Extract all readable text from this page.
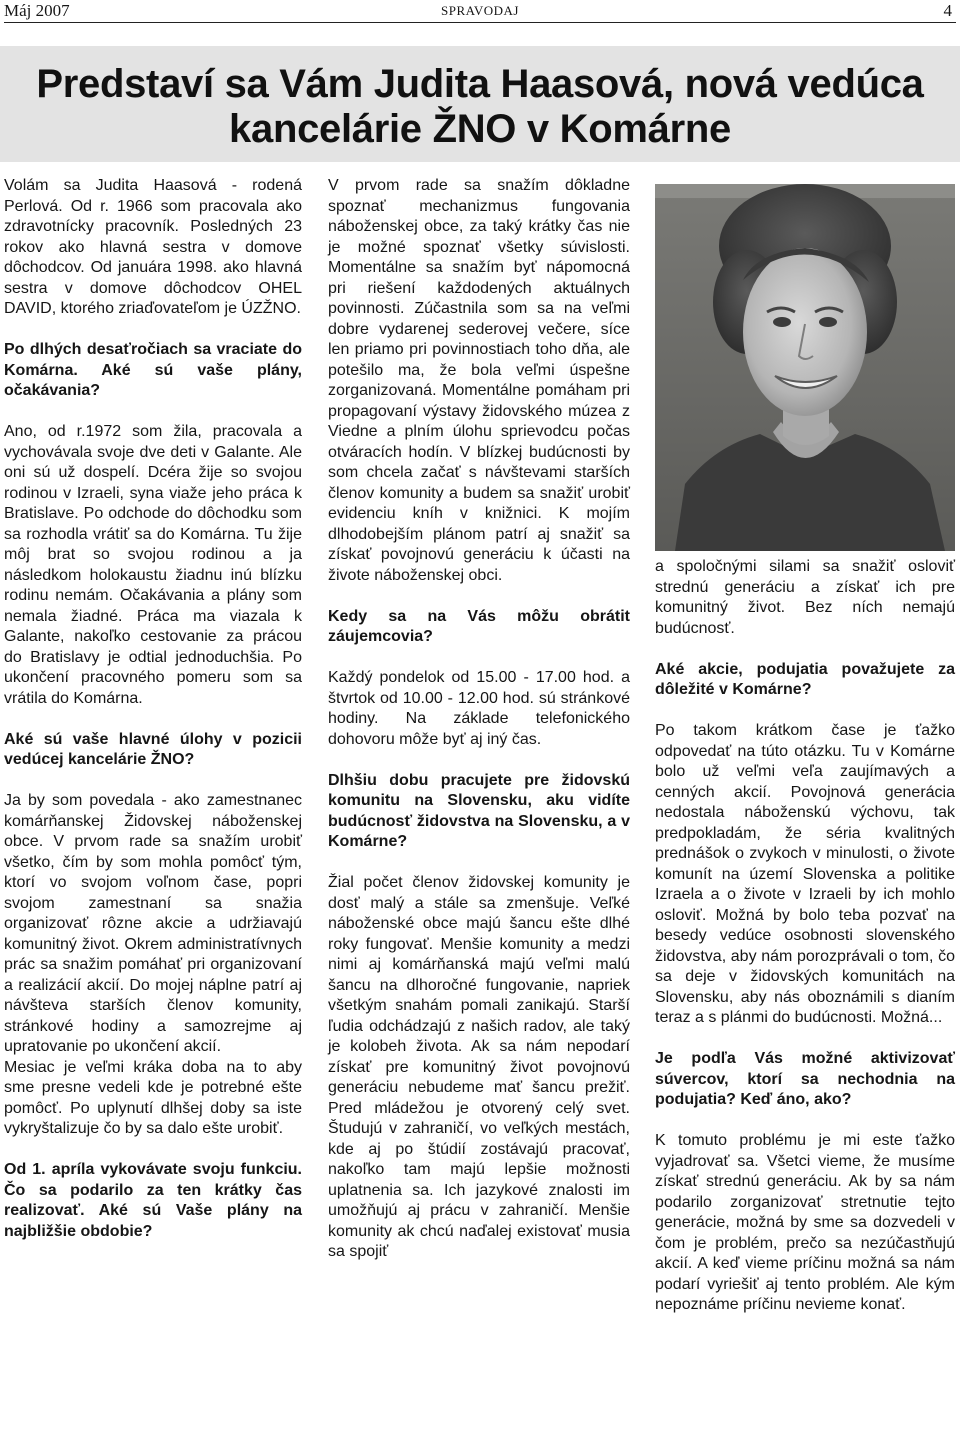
Máj 2007	SPRAVODAJ	4
Predstaví sa Vám Judita Haasová, nová vedúca
kancelárie ŽNO v Komárne

Volám sa Judita Haasová - rodená Perlová. Od r. 1966 som pracovala ako zdravotnícky pracovník. Posledných 23 rokov ako hlavná sestra v domove dôchodcov. Od januára 1998. ako hlavná sestra v domove dôchodcov OHEL DAVID, ktorého zriaďovateľom je ÚZŽNO.

Po dlhých desaťročiach sa vraciate do Komárna. Aké sú vaše plány, očakávania?

Ano, od r.1972 som žila, pracovala a vychovávala svoje dve deti v Galante. Ale oni sú už dospelí. Dcéra žije so svojou rodinou v Izraeli, syna viaže jeho práca k Bratislave. Po odchode do dôchodku som sa rozhodla vrátiť sa do Komárna. Tu žije môj brat so svojou rodinou a ja následkom holokaustu žiadnu inú blízku rodinu nemám. Očakávania a plány som nemala žiadné. Práca ma viazala k Galante, nakoľko cestovanie za prácou do Bratislavy je odtial jednoduchšia. Po ukončení pracovného pomeru som sa vrátila do Komárna.

Aké sú vaše hlavné úlohy v pozicii vedúcej kancelárie ŽNO?

Ja by som povedala - ako zamestnanec komárňanskej Židovskej náboženskej obce. V prvom rade sa snažím urobiť všetko, čím by som mohla pomôcť tým, ktorí vo svojom voľnom čase, popri svojom zamestnaní sa snažia organizovať rôzne akcie a udržiavajú komunitný život. Okrem administratívnych prác sa snažim pomáhať pri organizovaní a realizácií akcií. Do mojej náplne patrí aj návšteva starších členov komunity, stránkové hodiny a samozrejme aj upratovanie po ukončení akcií.

Mesiac je veľmi kráka doba na to aby sme presne vedeli kde je potrebné ešte pomôcť. Po uplynutí dlhšej doby sa iste vykryštalizuje čo by sa dalo ešte urobiť.

Od 1. apríla vykovávate svoju funkciu. Čo sa podarilo za ten krátky čas realizovať. Aké sú Vaše plány na najbližšie obdobie?

V prvom rade sa snažím dôkladne spoznať mechanizmus fungovania náboženskej obce, za taký krátky čas nie je možné spoznať všetky súvislosti. Momentálne sa snažím byť nápomocná pri riešení každodených aktuálnych povinnosti. Zúčastnila som sa na veľmi dobre vydarenej sederovej večere, síce len priamo pri povinnostiach toho dňa, ale potešilo ma, že bola veľmi úspešne zorganizovaná. Momentálne pomáham pri propagovaní výstavy židovského múzea z Viedne a plním úlohu sprievodcu počas otváracích hodín. V blízkej budúcnosti by som chcela začať s návštevami starších členov komunity a budem sa snažiť urobiť evidenciu kníh v knižnici. K mojím dlhodobejším plánom patrí aj snažiť sa získať povojnovú generáciu k účasti na živote náboženskej obci.

Kedy sa na Vás môžu obrátit záujemcovia?

Každý pondelok od 15.00 - 17.00 hod. a štvrtok od 10.00 - 12.00 hod. sú stránkové hodiny. Na základe telefonického dohovoru môže byť aj iný čas.

Dlhšiu dobu pracujete pre židovskú komunitu na Slovensku, aku vidíte budúcnosť židovstva na Slovensku, a v Komárne?

Žial počet členov židovskej komunity je dosť malý a stále sa zmenšuje. Veľké náboženské obce majú šancu ešte dlhé roky fungovať. Menšie komunity a medzi nimi aj komárňanská majú veľmi malú šancu na dlhoročné fungovanie, napriek všetkým snahám pomali zanikajú. Starší ľudia odchádzajú z našich radov, ale taký je kolobeh života. Ak sa nám nepodarí získať pre komunitný život povojnovú generáciu nebudeme mať šancu prežiť. Pred mládežou je otvorený celý svet. Študujú v zahraničí, vo veľkých mestách, kde aj po štúdií zostávajú pracovať, nakoľko tam majú lepšie možnosti uplatnenia sa. Ich jazykové znalosti im umožňujú aj prácu v zahraničí. Menšie komunity ak chcú naďalej existovať musia sa spojiť

a spoločnými silami sa snažiť osloviť strednú generáciu a získať ich pre komunitný život. Bez ních nemajú budúcnosť.

Aké akcie, podujatia považujete za dôležité v Komárne?

Po takom krátkom čase je ťažko odpovedať na túto otázku. Tu v Komárne bolo už veľmi veľa zaujímavých a cenných akcií. Povojnová generácia nedostala náboženskú výchovu, tak predpokladám, že séria kvalitných prednášok o zvykoch v minulosti, o živote komunít na území Slovenska a politike Izraela a o živote v Izraeli by ich mohlo osloviť. Možná by bolo teba pozvať na besedy vedúce osobnosti slovenského židovstva, aby nám porozprávali o tom, čo sa deje v židovských komunitách na Slovensku, aby nás oboznámili s dianím teraz a s plánmi do budúcnosti. Možná...

Je podľa Vás možné aktivizovať súvercov, ktorí sa nechodnia na podujatia? Keď áno, ako?

K tomuto problému je mi este ťažko vyjadrovať sa. Všetci vieme, že musíme získať strednú generáciu. Ak by sa nám podarilo zorganizovať stretnutie tejto generácie, možná by sme sa dozvedeli v čom je problém, prečo sa nezúčastňujú akcií. A keď vieme príčinu možná sa nám podarí vyriešiť aj tento problém. Ale kým nepoznáme príčinu nevieme konať.
